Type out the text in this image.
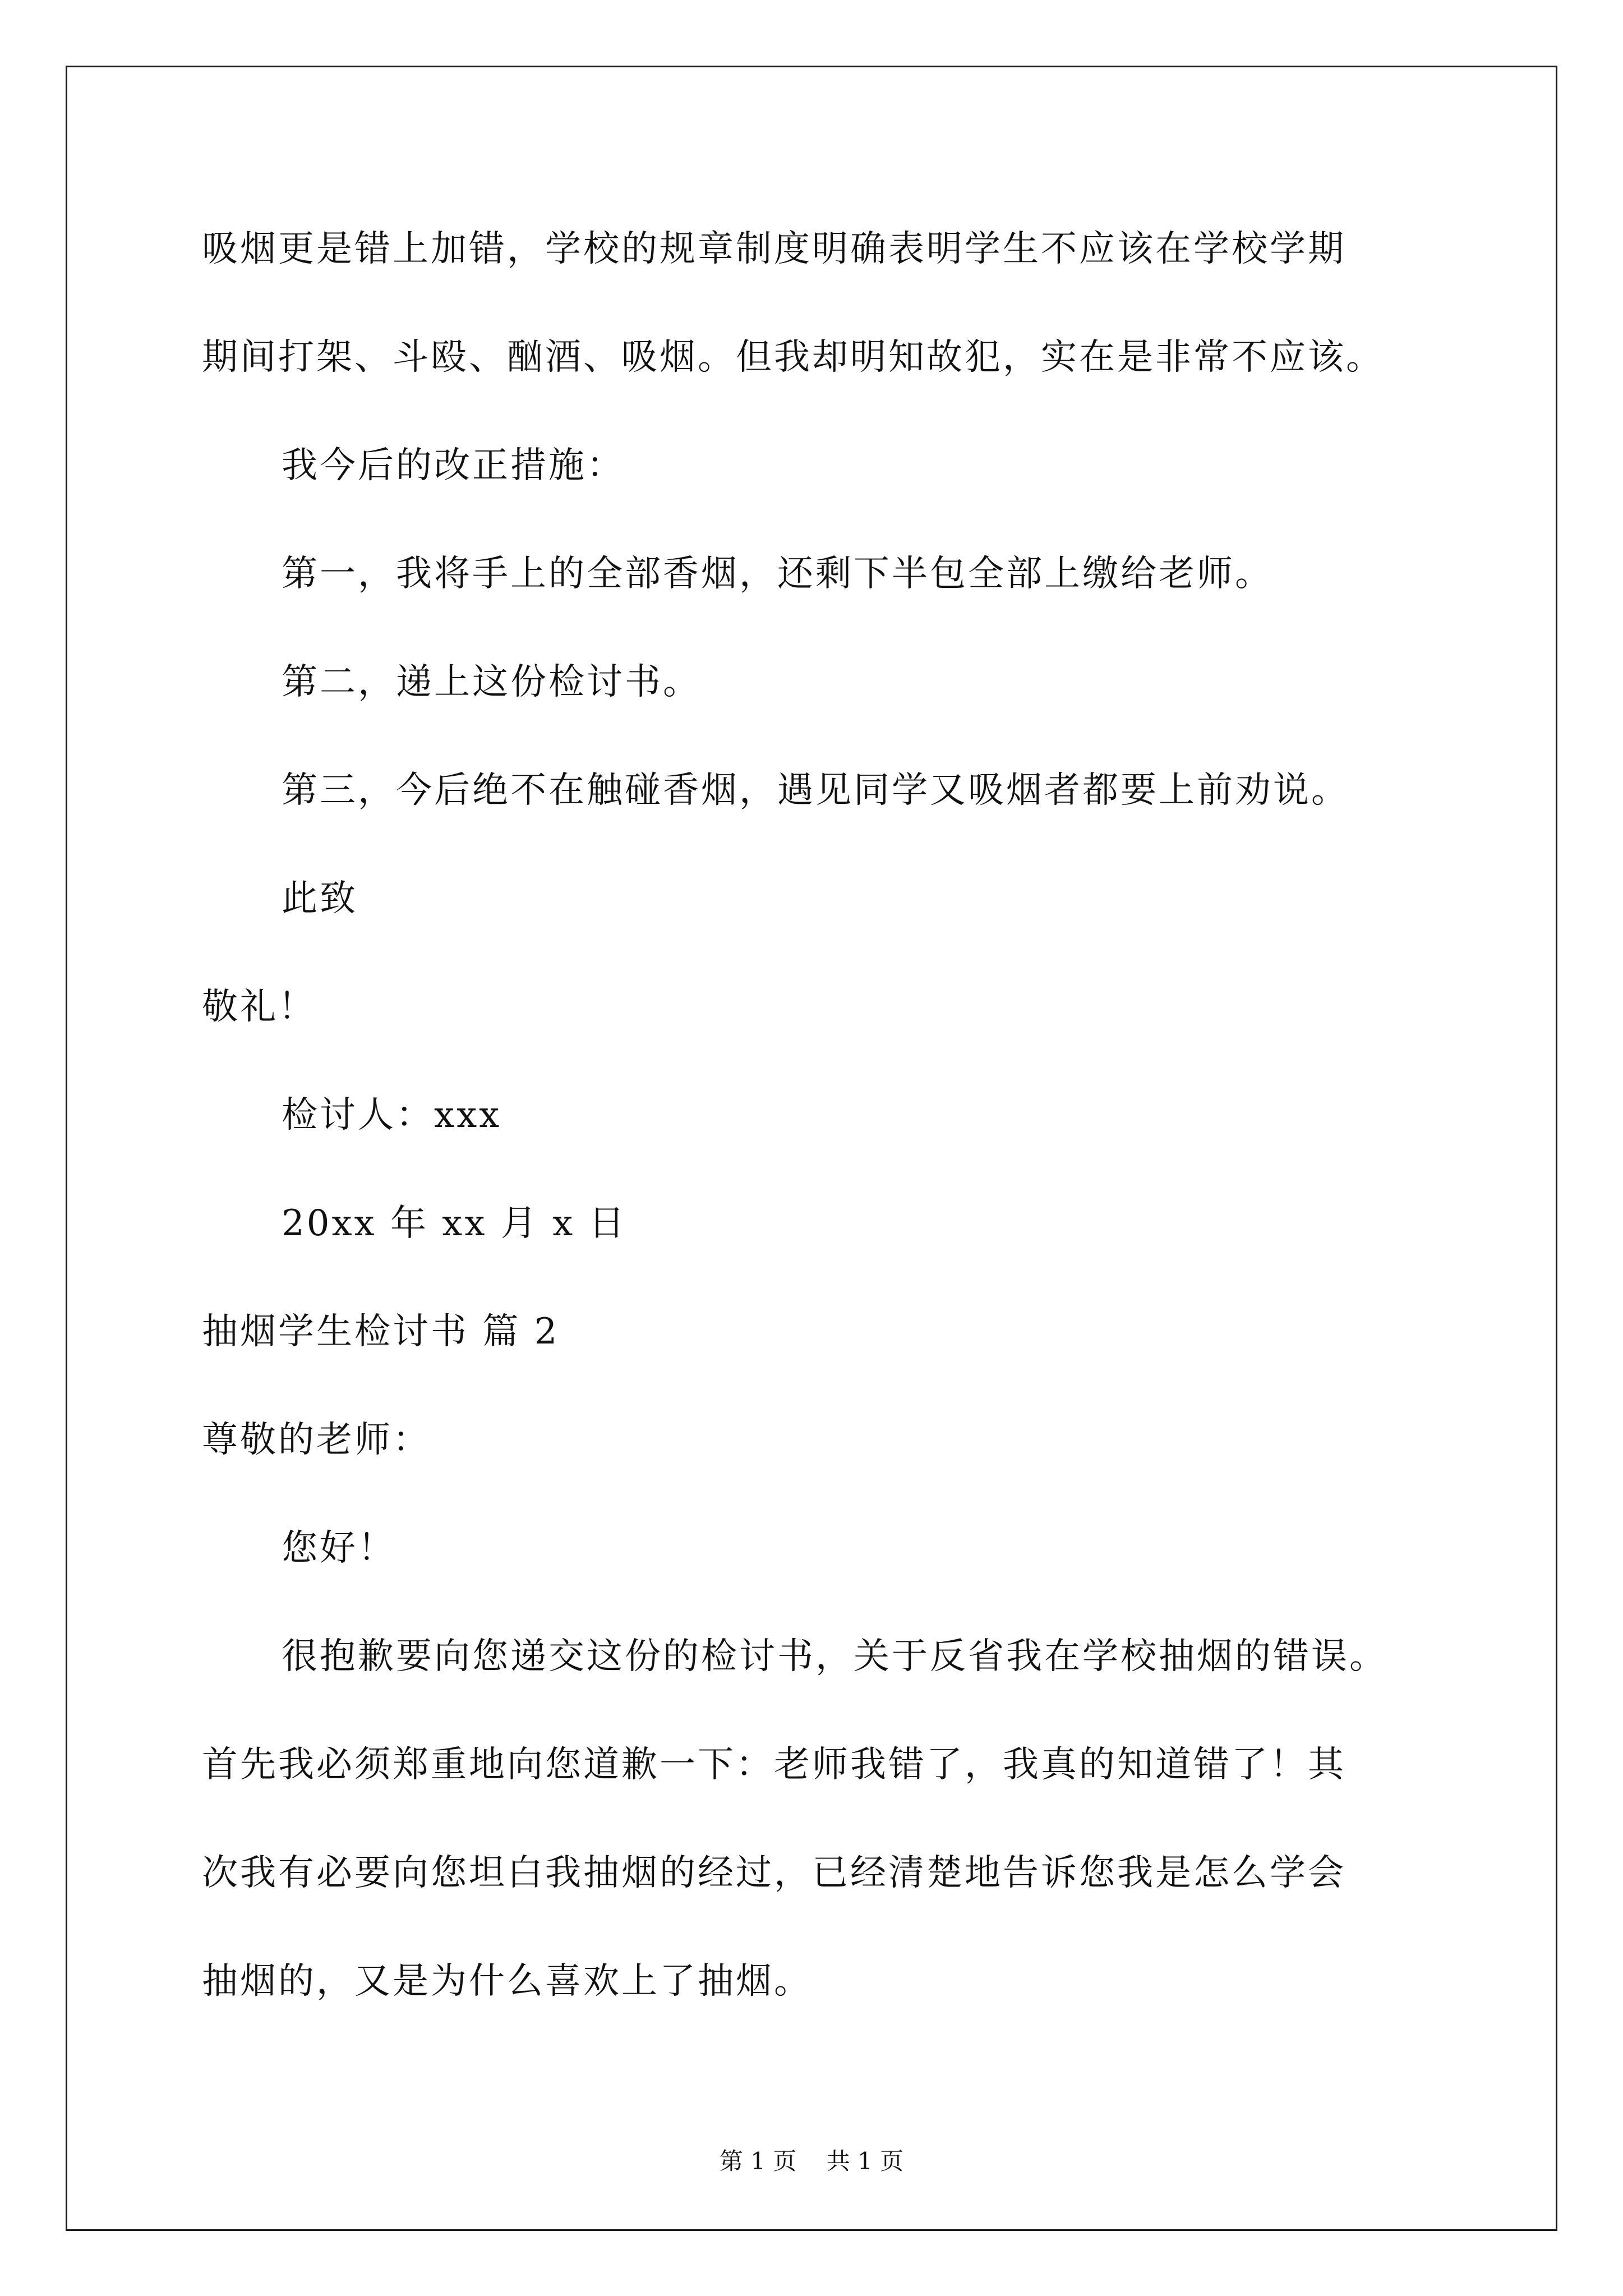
吸烟更是错上加错，学校的规章制度明确表明学生不应该在学校学期
期间打架、斗殴、酗酒、吸烟。但我却明知故犯，实在是非常不应该。
我今后的改正措施：
第一，我将手上的全部香烟，还剩下半包全部上缴给老师。
第二，递上这份检讨书。
第三，今后绝不在触碰香烟，遇见同学又吸烟者都要上前劝说。
此致
敬礼！
检讨人：xxx
20xx 年 xx 月 x 日
抽烟学生检讨书 篇 2
尊敬的老师：
您好！
很抱歉要向您递交这份的检讨书，关于反省我在学校抽烟的错误。
首先我必须郑重地向您道歉一下：老师我错了，我真的知道错了！其
次我有必要向您坦白我抽烟的经过，已经清楚地告诉您我是怎么学会
抽烟的，又是为什么喜欢上了抽烟。
第 1 页    共 1 页
